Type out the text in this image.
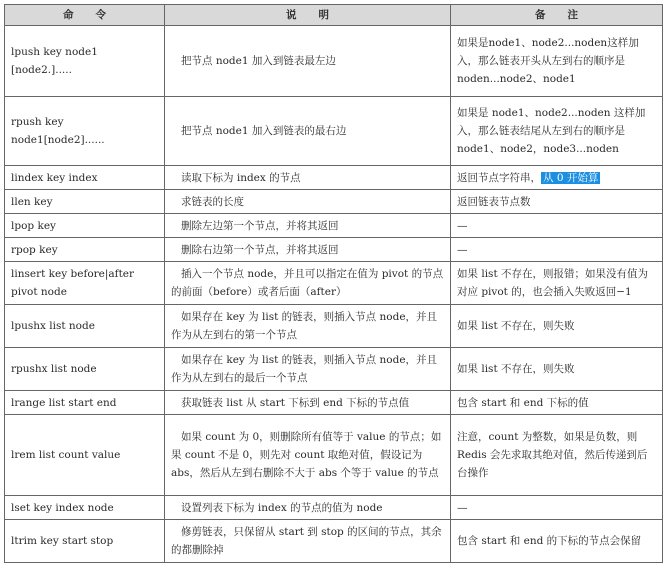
命令	说明	备注
lpush key node1 [node2.].....	把节点 node1 加入到链表最左边	如果是node1、node2...noden这样加入，那么链表开头从左到右的顺序是 noden...node2、node1
rpush key node1[node2]......	把节点 node1 加入到链表的最右边	如果是 node1、node2...noden 这样加入，那么链表结尾从左到右的顺序是 node1、node2，node3...noden
lindex key index	读取下标为 index 的节点	返回节点字符串， 从 0 开始算
llen key	求链表的长度	返回链表节点数
lpop key	删除左边第一个节点，并将其返回	—
rpop key	删除右边第一个节点，并将其返回	—
linsert key before|after pivot node	插入一个节点 node，并且可以指定在值为 pivot 的节点的前面（before）或者后面（after）	如果 list 不存在，则报错；如果没有值为对应 pivot 的，也会插入失败返回−1
lpushx list node	如果存在 key 为 list 的链表，则插入节点 node，并且作为从左到右的第一个节点	如果 list 不存在，则失败
rpushx list node	如果存在 key 为 list 的链表，则插入节点 node，并且作为从左到右的最后一个节点	如果 list 不存在，则失败
lrange list start end	获取链表 list 从 start 下标到 end 下标的节点值	包含 start 和 end 下标的值
lrem list count value	如果 count 为 0，则删除所有值等于 value 的节点；如果 count 不是 0，则先对 count 取绝对值，假设记为 abs，然后从左到右删除不大于 abs 个等于 value 的节点	注意，count 为整数，如果是负数，则 Redis 会先求取其绝对值，然后传递到后台操作
lset key index node	设置列表下标为 index 的节点的值为 node	—
ltrim key start stop	修剪链表，只保留从 start 到 stop 的区间的节点，其余的都删除掉	包含 start 和 end 的下标的节点会保留
